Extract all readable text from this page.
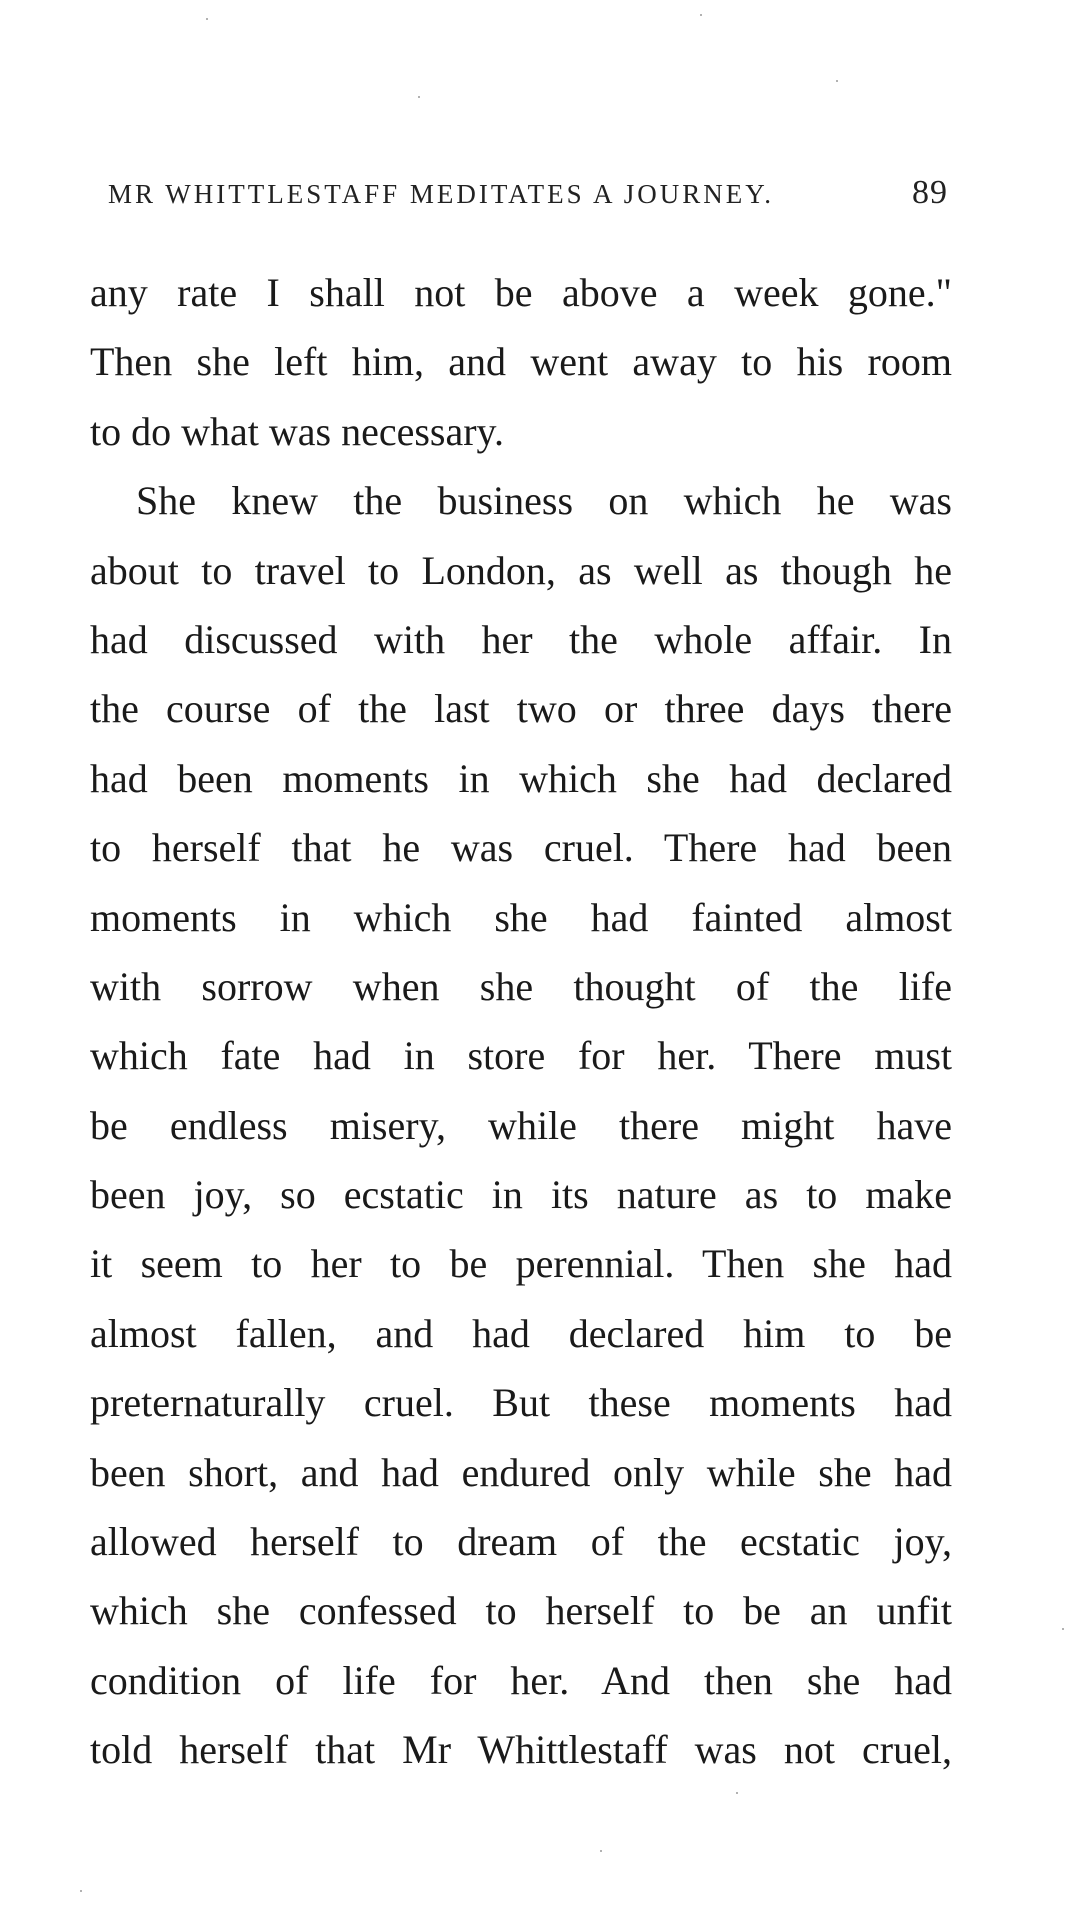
MR WHITTLESTAFF MEDITATES A JOURNEY.	89
any rate I shall not be above a week gone."
Then she left him, and went away to his room
to do what was necessary.
She knew the business on which he was
about to travel to London, as well as though he
had discussed with her the whole affair. In
the course of the last two or three days there
had been moments in which she had declared
to herself that he was cruel. There had been
moments in which she had fainted almost
with sorrow when she thought of the life
which fate had in store for her. There must
be endless misery, while there might have
been joy, so ecstatic in its nature as to make
it seem to her to be perennial. Then she had
almost fallen, and had declared him to be
preternaturally cruel. But these moments had
been short, and had endured only while she had
allowed herself to dream of the ecstatic joy,
which she confessed to herself to be an unfit
condition of life for her. And then she had
told herself that Mr Whittlestaff was not cruel,
